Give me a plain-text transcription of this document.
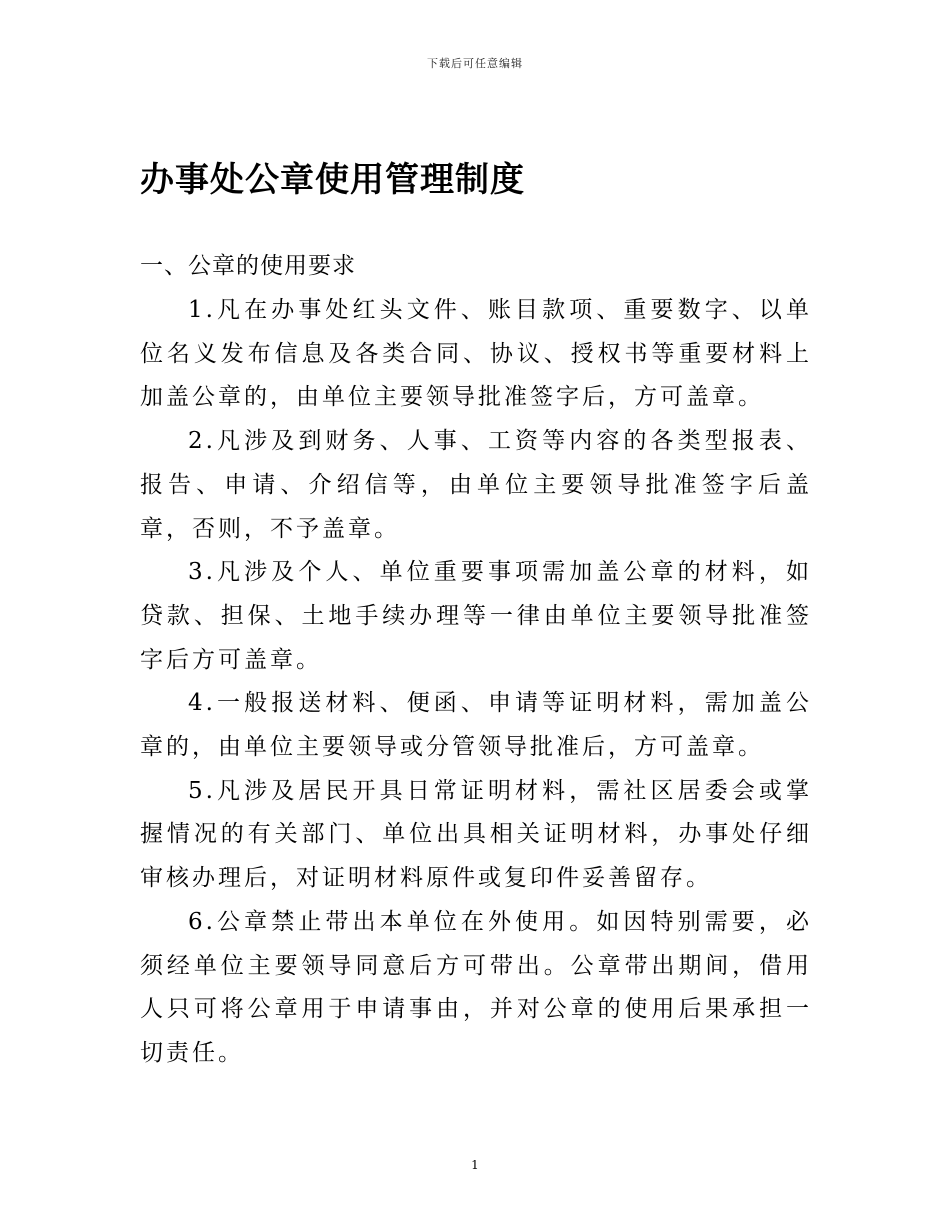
下载后可任意编辑
办事处公章使用管理制度
一、公章的使用要求

1.凡在办事处红头文件、账目款项、重要数字、以单位名义发布信息及各类合同、协议、授权书等重要材料上加盖公章的，由单位主要领导批准签字后，方可盖章。

2.凡涉及到财务、人事、工资等内容的各类型报表、报告、申请、介绍信等，由单位主要领导批准签字后盖章，否则，不予盖章。

3.凡涉及个人、单位重要事项需加盖公章的材料，如贷款、担保、土地手续办理等一律由单位主要领导批准签字后方可盖章。

4.一般报送材料、便函、申请等证明材料，需加盖公章的，由单位主要领导或分管领导批准后，方可盖章。

5.凡涉及居民开具日常证明材料，需社区居委会或掌握情况的有关部门、单位出具相关证明材料，办事处仔细审核办理后，对证明材料原件或复印件妥善留存。

6.公章禁止带出本单位在外使用。如因特别需要，必须经单位主要领导同意后方可带出。公章带出期间，借用人只可将公章用于申请事由，并对公章的使用后果承担一切责任。

1
